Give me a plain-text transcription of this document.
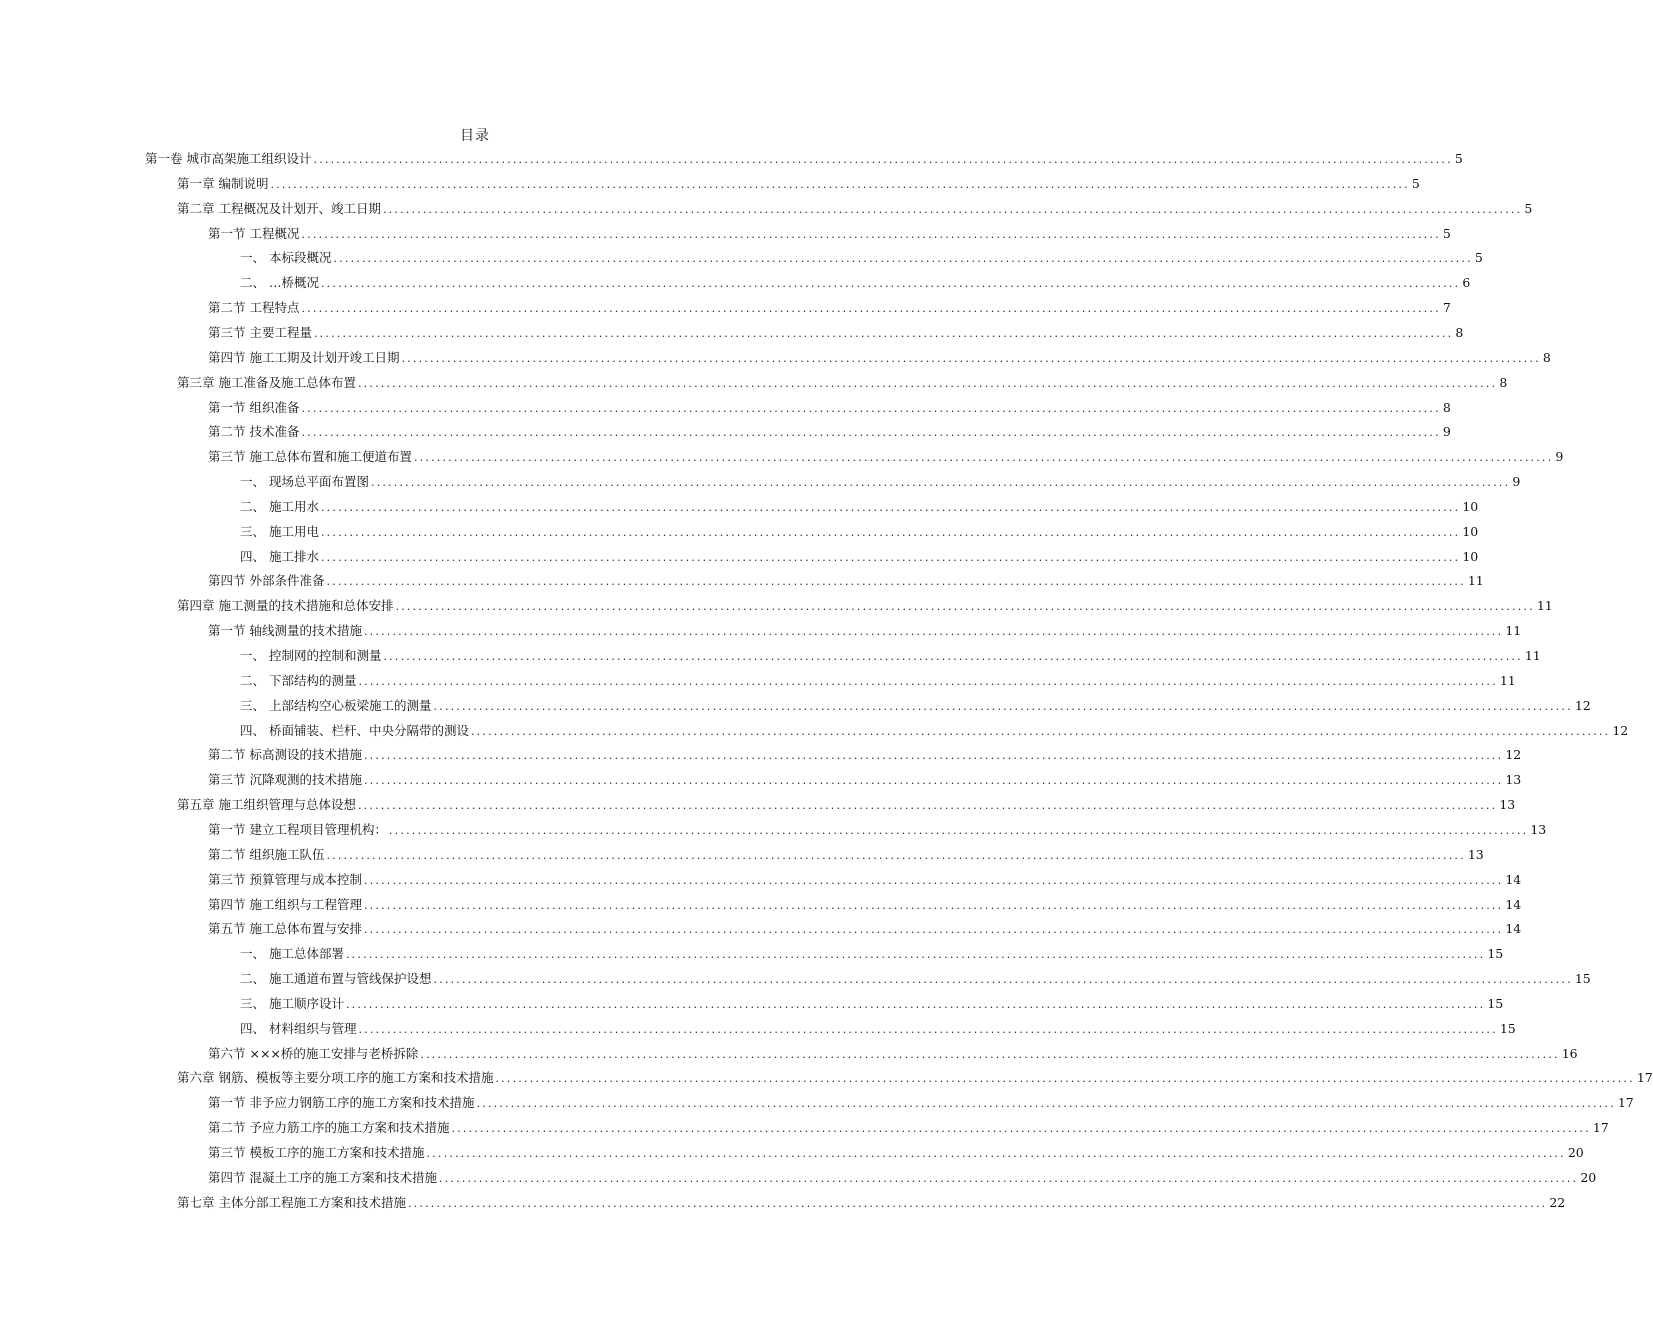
目录
第一卷 城市高架施工组织设计 ........................................................................................................................................................................................................ 5
第一章 编制说明 ........................................................................................................................................................................................................ 5
第二章 工程概况及计划开、竣工日期 ........................................................................................................................................................................................................ 5
第一节 工程概况 ........................................................................................................................................................................................................ 5
一、 本标段概况 ........................................................................................................................................................................................................ 5
二、 …桥概况 ........................................................................................................................................................................................................ 6
第二节 工程特点 ........................................................................................................................................................................................................ 7
第三节 主要工程量 ........................................................................................................................................................................................................ 8
第四节 施工工期及计划开竣工日期 ........................................................................................................................................................................................................ 8
第三章 施工准备及施工总体布置 ........................................................................................................................................................................................................ 8
第一节 组织准备 ........................................................................................................................................................................................................ 8
第二节 技术准备 ........................................................................................................................................................................................................ 9
第三节 施工总体布置和施工便道布置 ........................................................................................................................................................................................................ 9
一、 现场总平面布置图 ........................................................................................................................................................................................................ 9
二、 施工用水 ........................................................................................................................................................................................................ 10
三、 施工用电 ........................................................................................................................................................................................................ 10
四、 施工排水 ........................................................................................................................................................................................................ 10
第四节 外部条件准备 ........................................................................................................................................................................................................ 11
第四章 施工测量的技术措施和总体安排 ........................................................................................................................................................................................................ 11
第一节 轴线测量的技术措施 ........................................................................................................................................................................................................ 11
一、 控制网的控制和测量 ........................................................................................................................................................................................................ 11
二、 下部结构的测量 ........................................................................................................................................................................................................ 11
三、 上部结构空心板梁施工的测量 ........................................................................................................................................................................................................ 12
四、 桥面铺装、栏杆、中央分隔带的测设 ........................................................................................................................................................................................................ 12
第二节 标高测设的技术措施 ........................................................................................................................................................................................................ 12
第三节 沉降观测的技术措施 ........................................................................................................................................................................................................ 13
第五章 施工组织管理与总体设想 ........................................................................................................................................................................................................ 13
第一节 建立工程项目管理机构： ........................................................................................................................................................................................................ 13
第二节 组织施工队伍 ........................................................................................................................................................................................................ 13
第三节 预算管理与成本控制 ........................................................................................................................................................................................................ 14
第四节 施工组织与工程管理 ........................................................................................................................................................................................................ 14
第五节 施工总体布置与安排 ........................................................................................................................................................................................................ 14
一、 施工总体部署 ........................................................................................................................................................................................................ 15
二、 施工通道布置与管线保护设想 ........................................................................................................................................................................................................ 15
三、 施工顺序设计 ........................................................................................................................................................................................................ 15
四、 材料组织与管理 ........................................................................................................................................................................................................ 15
第六节 ×××桥的施工安排与老桥拆除 ........................................................................................................................................................................................................ 16
第六章 钢筋、模板等主要分项工序的施工方案和技术措施 ........................................................................................................................................................................................................ 17
第一节 非予应力钢筋工序的施工方案和技术措施 ........................................................................................................................................................................................................ 17
第二节 予应力筋工序的施工方案和技术措施 ........................................................................................................................................................................................................ 17
第三节 模板工序的施工方案和技术措施 ........................................................................................................................................................................................................ 20
第四节 混凝土工序的施工方案和技术措施 ........................................................................................................................................................................................................ 20
第七章 主体分部工程施工方案和技术措施 ........................................................................................................................................................................................................ 22
